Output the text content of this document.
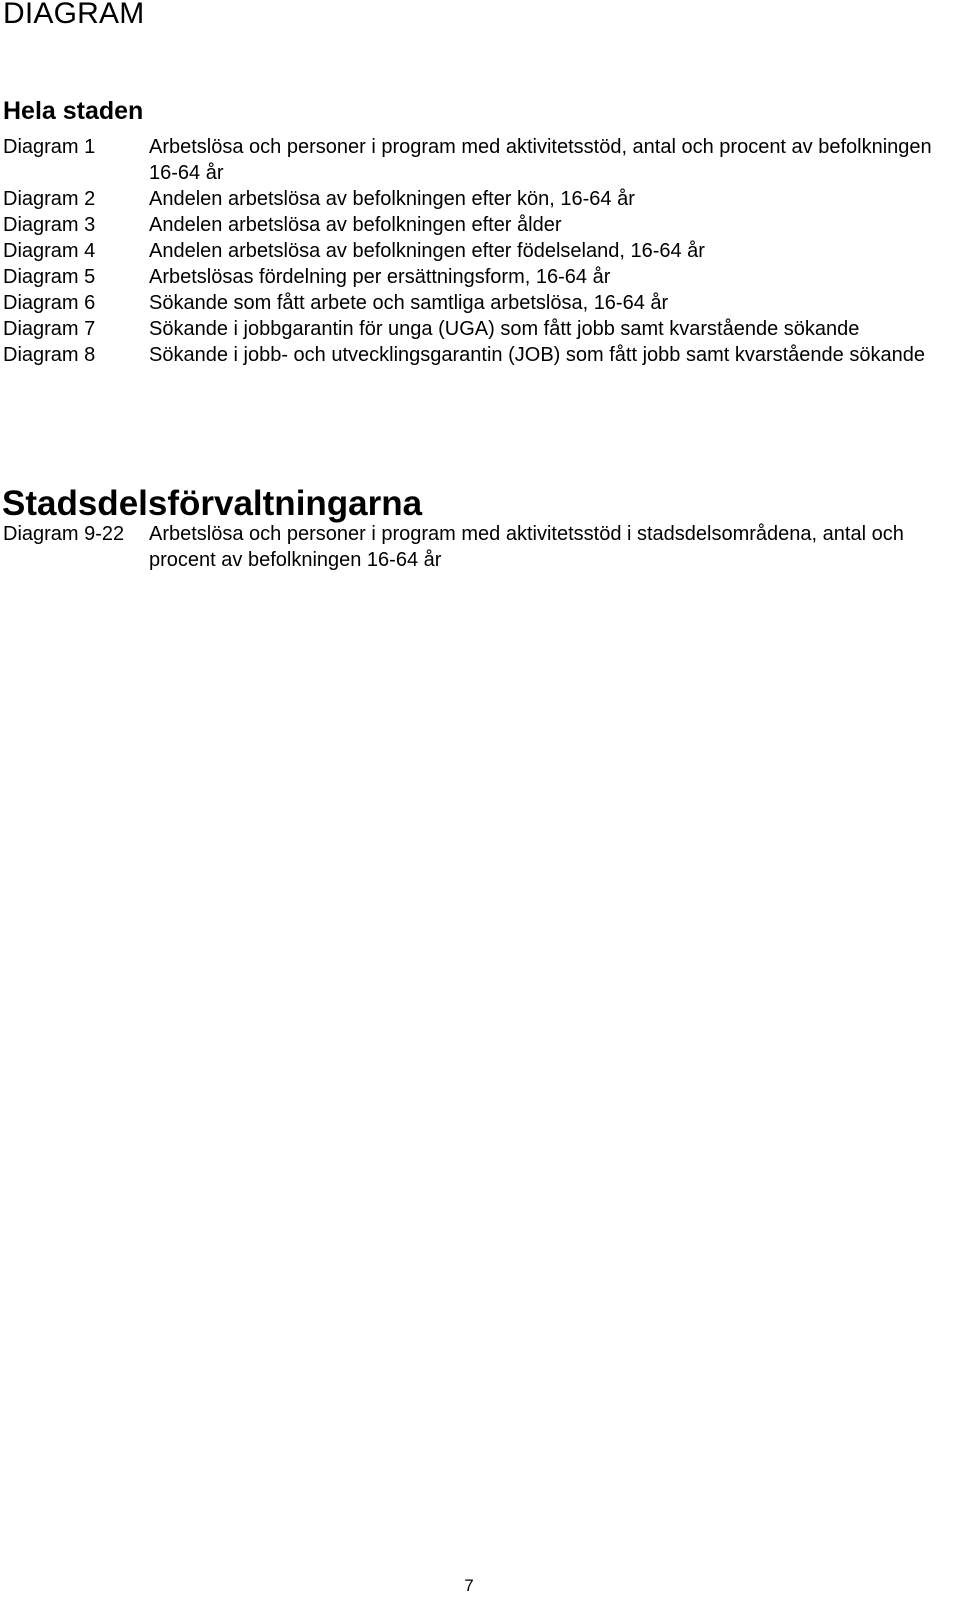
DIAGRAM
Hela staden
Diagram 1	Arbetslösa och personer i program med aktivitetsstöd, antal och procent av befolkningen 16-64 år
Diagram 2	Andelen arbetslösa av befolkningen efter kön, 16-64 år
Diagram 3	Andelen arbetslösa av befolkningen efter ålder
Diagram 4	Andelen arbetslösa av befolkningen efter födelseland, 16-64 år
Diagram 5	Arbetslösas fördelning per ersättningsform, 16-64 år
Diagram 6	Sökande som fått arbete och samtliga arbetslösa, 16-64 år
Diagram 7	Sökande i jobbgarantin för unga (UGA) som fått jobb samt kvarstående sökande
Diagram 8	Sökande i jobb- och utvecklingsgarantin (JOB) som fått jobb samt kvarstående sökande
Stadsdelsförvaltningarna
Diagram 9-22	Arbetslösa och personer i program med aktivitetsstöd i stadsdelsområdena, antal och procent av befolkningen 16-64 år
7
